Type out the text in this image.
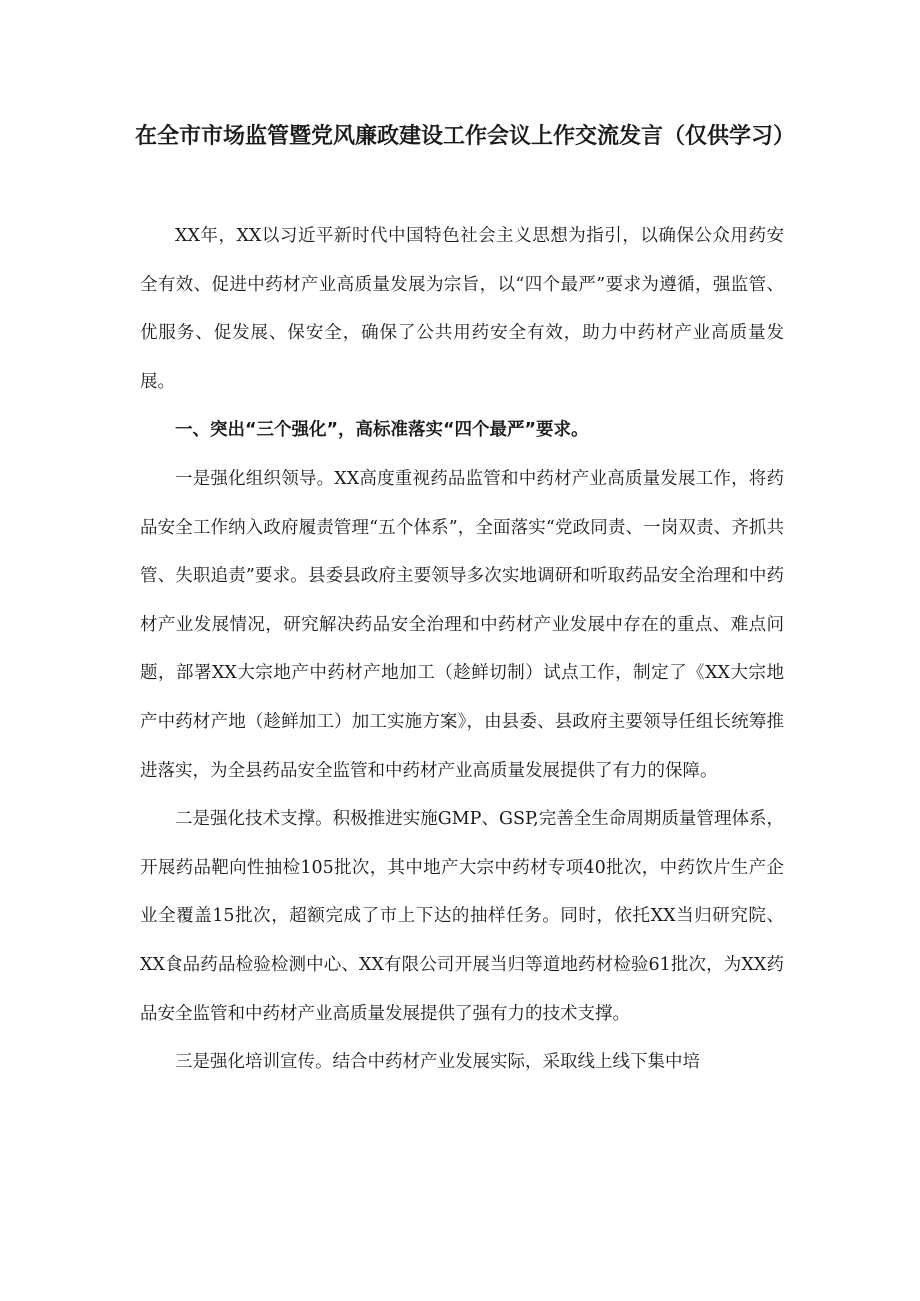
在全市市场监管暨党风廉政建设工作会议上作交流发言（仅供学习）

XX年，XX以习近平新时代中国特色社会主义思想为指引，以确保公众用药安全有效、促进中药材产业高质量发展为宗旨，以“四个最严”要求为遵循，强监管、优服务、促发展、保安全，确保了公共用药安全有效，助力中药材产业高质量发展。

一、突出“三个强化”，高标准落实“四个最严”要求。

一是强化组织领导。XX高度重视药品监管和中药材产业高质量发展工作，将药品安全工作纳入政府履责管理“五个体系”，全面落实“党政同责、一岗双责、齐抓共管、失职追责”要求。县委县政府主要领导多次实地调研和听取药品安全治理和中药材产业发展情况，研究解决药品安全治理和中药材产业发展中存在的重点、难点问题，部署XX大宗地产中药材产地加工（趁鲜切制）试点工作，制定了《XX大宗地产中药材产地（趁鲜加工）加工实施方案》，由县委、县政府主要领导任组长统筹推进落实，为全县药品安全监管和中药材产业高质量发展提供了有力的保障。

二是强化技术支撑。积极推进实施GMP、GSP,完善全生命周期质量管理体系，开展药品靶向性抽检105批次，其中地产大宗中药材专项40批次，中药饮片生产企业全覆盖15批次，超额完成了市上下达的抽样任务。同时，依托XX当归研究院、XX食品药品检验检测中心、XX有限公司开展当归等道地药材检验61批次，为XX药品安全监管和中药材产业高质量发展提供了强有力的技术支撑。

三是强化培训宣传。结合中药材产业发展实际，采取线上线下集中培
